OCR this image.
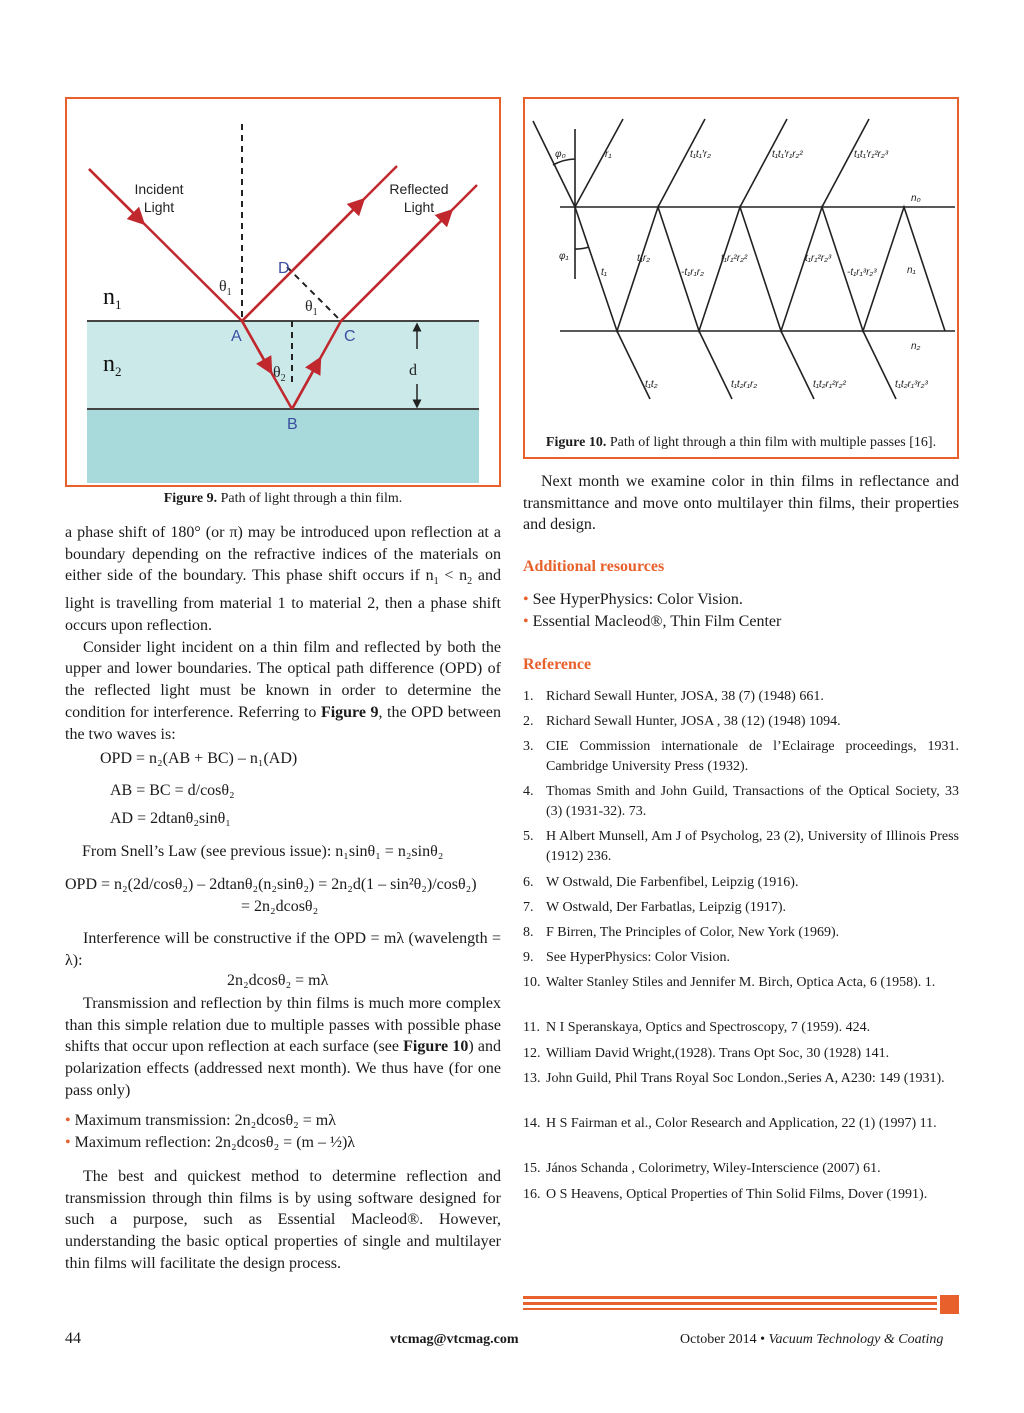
Incident
Light
Reflected
Light
$n_1$
$n_2$
A
B
C
D
d
$\theta_1$
$\theta_1$
$\theta_2$
Figure 9. Path of light through a thin film.
φ₀
φ₁
n₀
n₁
n₂
r₁	t₁t₁′r₂	t₁t₁′r₁r₂²	t₁t₁′r₁²r₂³
t₁
t₁r₂
-t₁r₁r₂
t₁r₁²r₂²	t₁r₁²r₂³
-t₁r₁³r₂³
t₁t₂	t₁t₂r₁r₂	t₁t₂r₁²r₂²	t₁t₂r₁³r₂³
Figure 10. Path of light through a thin film with multiple passes [16].

a phase shift of 180° (or π) may be introduced upon reflection at a boundary depending on the refractive indices of the materials on either side of the boundary. This phase shift occurs if $n_1 < n_2$ and light is travelling from material 1 to material 2, then a phase shift occurs upon reflection.

Consider light incident on a thin film and reflected by both the upper and lower boundaries. The optical path difference (OPD) of the reflected light must be known in order to determine the condition for interference. Referring to Figure 9, the OPD between the two waves is:

OPD = n₂(AB + BC) – n₁(AD)
AB = BC = d/cosθ₂
AD = 2dtanθ₂sinθ₁
From Snell’s Law (see previous issue): n₁sinθ₁ = n₂sinθ₂
OPD = n₂(2d/cosθ₂) – 2dtanθ₂(n₂sinθ₂) = 2n₂d(1 – sin²θ₂)/cosθ₂)
= 2n₂dcosθ₂

Interference will be constructive if the OPD = mλ (wavelength = λ):

2n₂dcosθ₂ = mλ

Transmission and reflection by thin films is much more complex than this simple relation due to multiple passes with possible phase shifts that occur upon reflection at each surface (see Figure 10) and polarization effects (addressed next month). We thus have (for one pass only)

• Maximum transmission: 2n₂dcosθ₂ = mλ
• Maximum reflection: 2n₂dcosθ₂ = (m – ½)λ

The best and quickest method to determine reflection and transmission through thin films is by using software designed for such a purpose, such as Essential Macleod®. However, understanding the basic optical properties of single and multilayer thin films will facilitate the design process.

Next month we examine color in thin films in reflectance and transmittance and move onto multilayer thin films, their properties and design.

Additional resources
• See HyperPhysics: Color Vision.
• Essential Macleod®, Thin Film Center
Reference
1. Richard Sewall Hunter, JOSA, 38 (7) (1948) 661.
2. Richard Sewall Hunter, JOSA , 38 (12) (1948) 1094.
3. CIE Commission internationale de l’Eclairage proceedings, 1931. Cambridge University Press (1932).
4. Thomas Smith and John Guild, Transactions of the Optical Society, 33 (3) (1931-32). 73.
5. H Albert Munsell, Am J of Psycholog, 23 (2), University of Illinois Press (1912) 236.
6. W Ostwald, Die Farbenfibel, Leipzig (1916).
7. W Ostwald, Der Farbatlas, Leipzig (1917).
8. F Birren, The Principles of Color, New York (1969).
9. See HyperPhysics: Color Vision.
10. Walter Stanley Stiles and Jennifer M. Birch, Optica Acta, 6 (1958). 1.
11. N I Speranskaya, Optics and Spectroscopy, 7 (1959). 424.
12. William David Wright,(1928). Trans Opt Soc, 30 (1928) 141.
13. John Guild, Phil Trans Royal Soc London.,Series A, A230: 149 (1931).
14. H S Fairman et al., Color Research and Application, 22 (1) (1997) 11.
15. János Schanda , Colorimetry, Wiley-Interscience (2007) 61.
16. O S Heavens, Optical Properties of Thin Solid Films, Dover (1991).
44	vtcmag@vtcmag.com	October 2014 • Vacuum Technology & Coating
